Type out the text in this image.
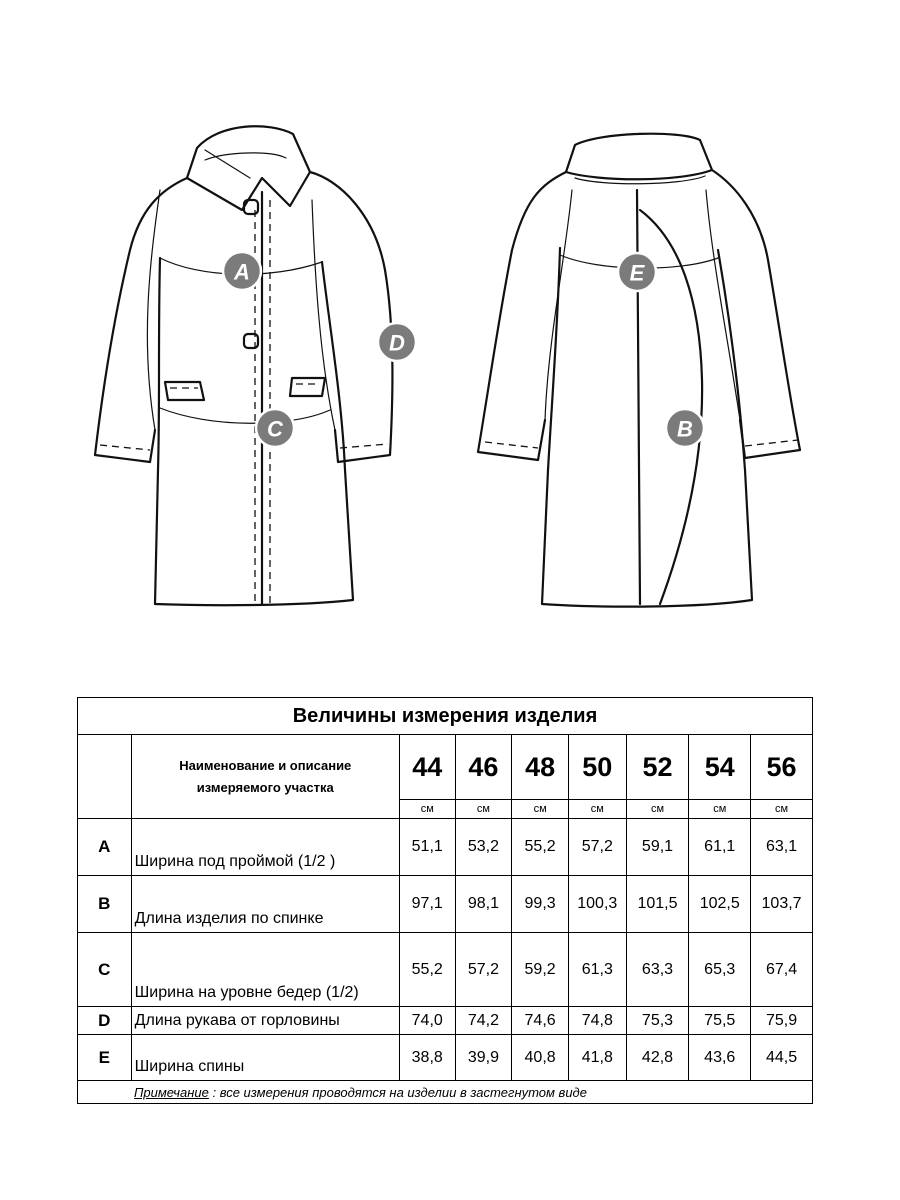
A
C
D
E
B
Величины измерения изделия								

	Наименование и описание
измеряемого участка	44	46	48	50	52	54	56
		см	см	см	см	см	см	см
A	Ширина под проймой (1/2 )	51,1	53,2	55,2	57,2	59,1	61,1	63,1
B	Длина изделия по спинке	97,1	98,1	99,3	100,3	101,5	102,5	103,7
C	Ширина на уровне бедер (1/2)	55,2	57,2	59,2	61,3	63,3	65,3	67,4
D	Длина рукава от горловины	74,0	74,2	74,6	74,8	75,3	75,5	75,9
E	Ширина спины	38,8	39,9	40,8	41,8	42,8	43,6	44,5
Примечание : все измерения проводятся на изделии в застегнутом виде								
